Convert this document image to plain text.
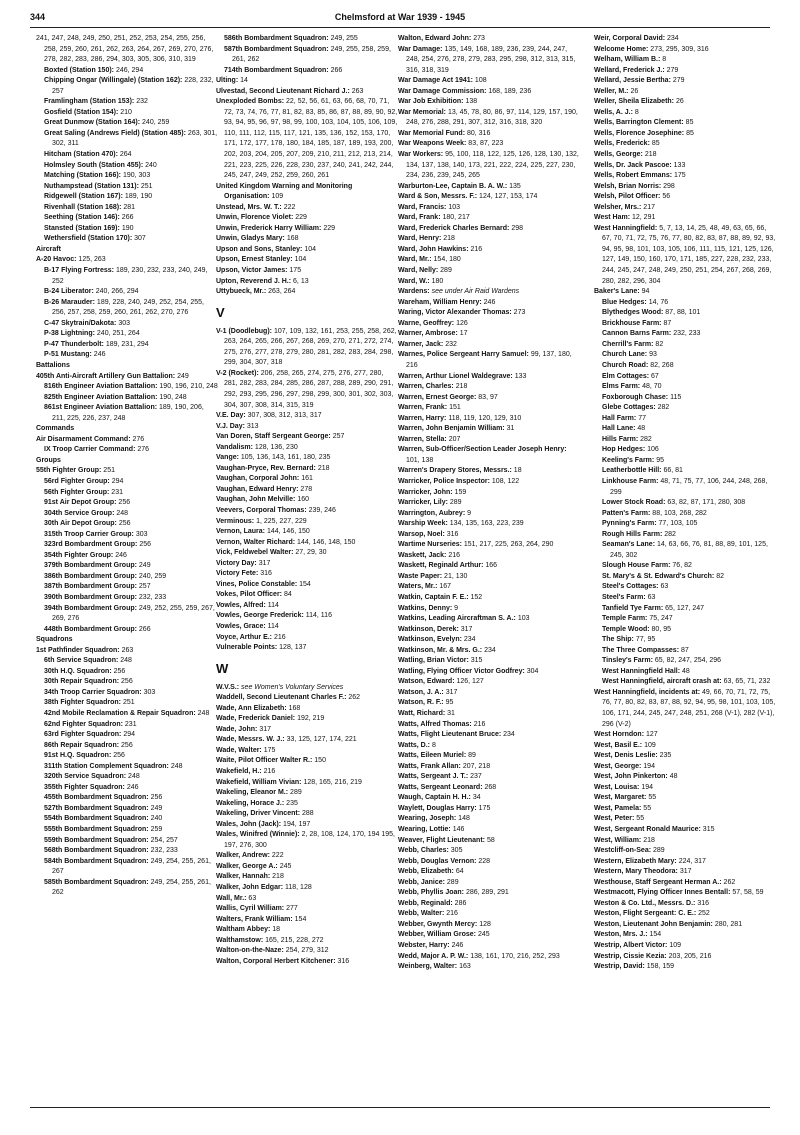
344	Chelmsford at War 1939 - 1945

241, 247, 248, 249, 250, 251, 252, 253, 254, 255, 256, 258, 259, 260, 261, 262, 263, 264, 267, 269, 270, 276, 278, 282, 283, 286, 294, 303, 305, 306, 310, 319

Boxted (Station 150): 246, 294

Chipping Ongar (Willingale) (Station 162): 228, 232, 257

Framlingham (Station 153): 232

Gosfield (Station 154): 210

Great Dunmow (Station 164): 240, 259

Great Saling (Andrews Field) (Station 485): 263, 301, 302, 311

Hitcham (Station 470): 264

Holmsley South (Station 455): 240

Matching (Station 166): 190, 303

Nuthampstead (Station 131): 251

Ridgewell (Station 167): 189, 190

Rivenhall (Station 168): 281

Seething (Station 146): 266

Stansted (Station 169): 190

Wethersfield (Station 170): 307

Aircraft

A-20 Havoc: 125, 263

B-17 Flying Fortress: 189, 230, 232, 233, 240, 249, 252

B-24 Liberator: 240, 266, 294

B-26 Marauder: 189, 228, 240, 249, 252, 254, 255, 256, 257, 258, 259, 260, 261, 262, 270, 276

C-47 Skytrain/Dakota: 303

P-38 Lightning: 240, 251, 264

P-47 Thunderbolt: 189, 231, 294

P-51 Mustang: 246

Battalions

405th Anti-Aircraft Artillery Gun Battalion: 249

816th Engineer Aviation Battalion: 190, 196, 210, 248

825th Engineer Aviation Battalion: 190, 248

861st Engineer Aviation Battalion: 189, 190, 206, 211, 225, 226, 237, 248

Commands

Air Disarmament Command: 276

IX Troop Carrier Command: 276

Groups

55th Fighter Group: 251

56rd Fighter Group: 294

56th Fighter Group: 231

91st Air Depot Group: 256

304th Service Group: 248

30th Air Depot Group: 256

315th Troop Carrier Group: 303

323rd Bombardment Group: 256

354th Fighter Group: 246

379th Bombardment Group: 249

386th Bombardment Group: 240, 259

387th Bombardment Group: 257

390th Bombardment Group: 232, 233

394th Bombardment Group: 249, 252, 255, 259, 267, 269, 276

448th Bombardment Group: 266

Squadrons

1st Pathfinder Squadron: 263

6th Service Squadron: 248

30th H.Q. Squadron: 256

30th Repair Squadron: 256

34th Troop Carrier Squadron: 303

38th Fighter Squadron: 251

42nd Mobile Reclamation & Repair Squadron: 248

62nd Fighter Squadron: 231

63rd Fighter Squadron: 294

86th Repair Squadron: 256

91st H.Q. Squadron: 256

311th Station Complement Squadron: 248

320th Service Squadron: 248

355th Fighter Squadron: 246

455th Bombardment Squadron: 256

527th Bombardment Squadron: 249

554th Bombardment Squadron: 240

555th Bombardment Squadron: 259

559th Bombardment Squadron: 254, 257

568th Bombardment Squadron: 232, 233

584th Bombardment Squadron: 249, 254, 255, 261, 267

585th Bombardment Squadron: 249, 254, 255, 261, 262

586th Bombardment Squadron: 249, 255

587th Bombardment Squadron: 249, 255, 258, 259, 261, 262

714th Bombardment Squadron: 266

Ulting: 14

Ulvestad, Second Lieutenant Richard J.: 263

Unexploded Bombs: 22, 52, 56, 61, 63, 66, 68, 70, 71, 72, 73, 74, 76, 77, 81, 82, 83, 85, 86, 87, 88, 89, 90, 92, 93, 94, 95, 96, 97, 98, 99, 100, 103, 104, 105, 106, 109, 110, 111, 112, 115, 117, 121, 135, 136, 152, 153, 170, 171, 172, 177, 178, 180, 184, 185, 187, 189, 193, 200, 202, 203, 204, 205, 207, 209, 210, 211, 212, 213, 214, 221, 223, 225, 226, 228, 230, 237, 240, 241, 242, 244, 245, 247, 249, 252, 259, 260, 261

United Kingdom Warning and Monitoring Organisation: 109

Unstead, Mrs. W. T.: 222

Unwin, Florence Violet: 229

Unwin, Frederick Harry William: 229

Unwin, Gladys Mary: 168

Upson and Sons, Stanley: 104

Upson, Ernest Stanley: 104

Upson, Victor James: 175

Upton, Reverend J. H.: 6, 13

Uttybueck, Mr.: 263, 264

V

V-1 (Doodlebug): 107, 109, 132, 161, 253, 255, 258, 262, 263, 264, 265, 266, 267, 268, 269, 270, 271, 272, 274, 275, 276, 277, 278, 279, 280, 281, 282, 283, 284, 298, 299, 304, 307, 318

V-2 (Rocket): 206, 258, 265, 274, 275, 276, 277, 280, 281, 282, 283, 284, 285, 286, 287, 288, 289, 290, 291, 292, 293, 295, 296, 297, 298, 299, 300, 301, 302, 303, 304, 307, 308, 314, 315, 319

V.E. Day: 307, 308, 312, 313, 317

V.J. Day: 313

Van Doren, Staff Sergeant George: 257

Vandalism: 128, 136, 230

Vange: 105, 136, 143, 161, 180, 235

Vaughan-Pryce, Rev. Bernard: 218

Vaughan, Corporal John: 161

Vaughan, Edward Henry: 278

Vaughan, John Melville: 160

Veevers, Corporal Thomas: 239, 246

Verminous: 1, 225, 227, 229

Vernon, Laura: 144, 146, 150

Vernon, Walter Richard: 144, 146, 148, 150

Vick, Feldwebel Walter: 27, 29, 30

Victory Day: 317

Victory Fete: 316

Vines, Police Constable: 154

Vokes, Pilot Officer: 84

Vowles, Alfred: 114

Vowles, George Frederick: 114, 116

Vowles, Grace: 114

Voyce, Arthur E.: 216

Vulnerable Points: 128, 137

W

W.V.S.: see Women's Voluntary Services

Waddell, Second Lieutenant Charles F.: 262

Wade, Ann Elizabeth: 168

Wade, Frederick Daniel: 192, 219

Wade, John: 317

Wade, Messrs. W. J.: 33, 125, 127, 174, 221

Wade, Walter: 175

Waite, Pilot Officer Walter R.: 150

Wakefield, H.: 216

Wakefield, William Vivian: 128, 165, 216, 219

Wakeling, Eleanor M.: 289

Wakeling, Horace J.: 235

Wakeling, Driver Vincent: 288

Wales, John (Jack): 194, 197

Wales, Winifred (Winnie): 2, 28, 108, 124, 170, 194 195, 197, 276, 300

Walker, Andrew: 222

Walker, George A.: 245

Walker, Hannah: 218

Walker, John Edgar: 118, 128

Wall, Mr.: 63

Wallis, Cyril William: 277

Walters, Frank William: 154

Waltham Abbey: 18

Walthamstow: 165, 215, 228, 272

Walton-on-the-Naze: 254, 279, 312

Walton, Corporal Herbert Kitchener: 316

Walton, Edward John: 273

War Damage: 135, 149, 168, 189, 236, 239, 244, 247, 248, 254, 276, 278, 279, 283, 295, 298, 312, 313, 315, 316, 318, 319

War Damage Act 1941: 108

War Damage Commission: 168, 189, 236

War Job Exhibition: 138

War Memorial: 13, 45, 78, 80, 86, 97, 114, 129, 157, 190, 248, 276, 288, 291, 307, 312, 316, 318, 320

War Memorial Fund: 80, 316

War Weapons Week: 83, 87, 223

War Workers: 95, 100, 118, 122, 125, 126, 128, 130, 132, 134, 137, 138, 140, 173, 221, 222, 224, 225, 227, 230, 234, 236, 239, 245, 265

Warburton-Lee, Captain B. A. W.: 135

Ward & Son, Messrs. F.: 124, 127, 153, 174

Ward, Francis: 103

Ward, Frank: 180, 217

Ward, Frederick Charles Bernard: 298

Ward, Henry: 218

Ward, John Hawkins: 216

Ward, Mr.: 154, 180

Ward, Nelly: 289

Ward, W.: 180

Wardens: see under Air Raid Wardens

Wareham, William Henry: 246

Waring, Victor Alexander Thomas: 273

Warne, Geoffrey: 126

Warner, Ambrose: 17

Warner, Jack: 232

Warnes, Police Sergeant Harry Samuel: 99, 137, 180, 216

Warren, Arthur Lionel Waldegrave: 133

Warren, Charles: 218

Warren, Ernest George: 83, 97

Warren, Frank: 151

Warren, Harry: 118, 119, 120, 129, 310

Warren, John Benjamin William: 31

Warren, Stella: 207

Warren, Sub-Officer/Section Leader Joseph Henry: 101, 138

Warren's Drapery Stores, Messrs.: 18

Warricker, Police Inspector: 108, 122

Warricker, John: 159

Warricker, Lily: 289

Warrington, Aubrey: 9

Warship Week: 134, 135, 163, 223, 239

Warsop, Noel: 316

Wartime Nurseries: 151, 217, 225, 263, 264, 290

Waskett, Jack: 216

Waskett, Reginald Arthur: 166

Waste Paper: 21, 130

Waters, Mr.: 167

Watkin, Captain F. E.: 152

Watkins, Denny: 9

Watkins, Leading Aircraftman S. A.: 103

Watkinson, Derek: 317

Watkinson, Evelyn: 234

Watkinson, Mr. & Mrs. G.: 234

Watling, Brian Victor: 315

Watling, Flying Officer Victor Godfrey: 304

Watson, Edward: 126, 127

Watson, J. A.: 317

Watson, R. F.: 95

Watt, Richard: 31

Watts, Alfred Thomas: 216

Watts, Flight Lieutenant Bruce: 234

Watts, D.: 8

Watts, Eileen Muriel: 89

Watts, Frank Allan: 207, 218

Watts, Sergeant J. T.: 237

Watts, Sergeant Leonard: 268

Waugh, Captain H. H.: 34

Waylett, Douglas Harry: 175

Wearing, Joseph: 148

Wearing, Lottie: 146

Weaver, Flight Lieutenant: 58

Webb, Charles: 305

Webb, Douglas Vernon: 228

Webb, Elizabeth: 64

Webb, Janice: 289

Webb, Phyllis Joan: 286, 289, 291

Webb, Reginald: 286

Webb, Walter: 216

Webber, Gwynth Mercy: 128

Webber, William Grose: 245

Webster, Harry: 246

Wedd, Major A. P. W.: 138, 161, 170, 216, 252, 293

Weinberg, Walter: 163

Weir, Corporal David: 234

Welcome Home: 273, 295, 309, 316

Welham, William B.: 8

Wellard, Frederick J.: 279

Wellard, Jessie Bertha: 279

Weller, M.: 26

Weller, Sheila Elizabeth: 26

Wells, A. J.: 8

Wells, Barrington Clement: 85

Wells, Florence Josephine: 85

Wells, Frederick: 85

Wells, George: 218

Wells, Dr. Jack Pascoe: 133

Wells, Robert Emmans: 175

Welsh, Brian Norris: 298

Welsh, Pilot Officer: 56

Welsher, Mrs.: 217

West Ham: 12, 291

West Hanningfield: 5, 7, 13, 14, 25, 48, 49, 63, 65, 66, 67, 70, 71, 72, 75, 76, 77, 80, 82, 83, 87, 88, 89, 92, 93, 94, 95, 98, 101, 103, 105, 106, 111, 115, 121, 125, 126, 127, 149, 150, 160, 170, 171, 185, 227, 228, 232, 233, 244, 245, 247, 248, 249, 250, 251, 254, 267, 268, 269, 280, 282, 296, 304

Baker's Lane: 94

Blue Hedges: 14, 76

Blythedges Wood: 87, 88, 101

Brickhouse Farm: 87

Cannon Barns Farm: 232, 233

Cherrill's Farm: 82

Church Lane: 93

Church Road: 82, 268

Elm Cottages: 67

Elms Farm: 48, 70

Foxborough Chase: 115

Glebe Cottages: 282

Hall Farm: 77

Hall Lane: 48

Hills Farm: 282

Hop Hedges: 106

Keeling's Farm: 95

Leatherbottle Hill: 66, 81

Linkhouse Farm: 48, 71, 75, 77, 106, 244, 248, 268, 299

Lower Stock Road: 63, 82, 87, 171, 280, 308

Patten's Farm: 88, 103, 268, 282

Pynning's Farm: 77, 103, 105

Rough Hills Farm: 282

Seaman's Lane: 14, 63, 66, 76, 81, 88, 89, 101, 125, 245, 302

Slough House Farm: 76, 82

St. Mary's & St. Edward's Church: 82

Steel's Cottages: 63

Steel's Farm: 63

Tanfield Tye Farm: 65, 127, 247

Temple Farm: 75, 247

Temple Wood: 80, 95

The Ship: 77, 95

The Three Compasses: 87

Tinsley's Farm: 65, 82, 247, 254, 296

West Hanningfield Hall: 48

West Hanningfield, aircraft crash at: 63, 65, 71, 232

West Hanningfield, incidents at: 49, 66, 70, 71, 72, 75, 76, 77, 80, 82, 83, 87, 88, 92, 94, 95, 98, 101, 103, 105, 106, 171, 244, 245, 247, 248, 251, 268 (V-1), 282 (V-1), 296 (V-2)

West Horndon: 127

West, Basil E.: 109

West, Denis Leslie: 235

West, George: 194

West, John Pinkerton: 48

West, Louisa: 194

West, Margaret: 55

West, Pamela: 55

West, Peter: 55

West, Sergeant Ronald Maurice: 315

West, William: 218

Westcliff-on-Sea: 289

Western, Elizabeth Mary: 224, 317

Western, Mary Theodora: 317

Westhouse, Staff Sergeant Herman A.: 262

Westmacott, Flying Officer Innes Bentall: 57, 58, 59

Weston & Co. Ltd., Messrs. D.: 316

Weston, Flight Sergeant: C. E.: 252

Weston, Lieutenant John Benjamin: 280, 281

Weston, Mrs. J.: 154

Westrip, Albert Victor: 109

Westrip, Cissie Kezia: 203, 205, 216

Westrip, David: 158, 159
